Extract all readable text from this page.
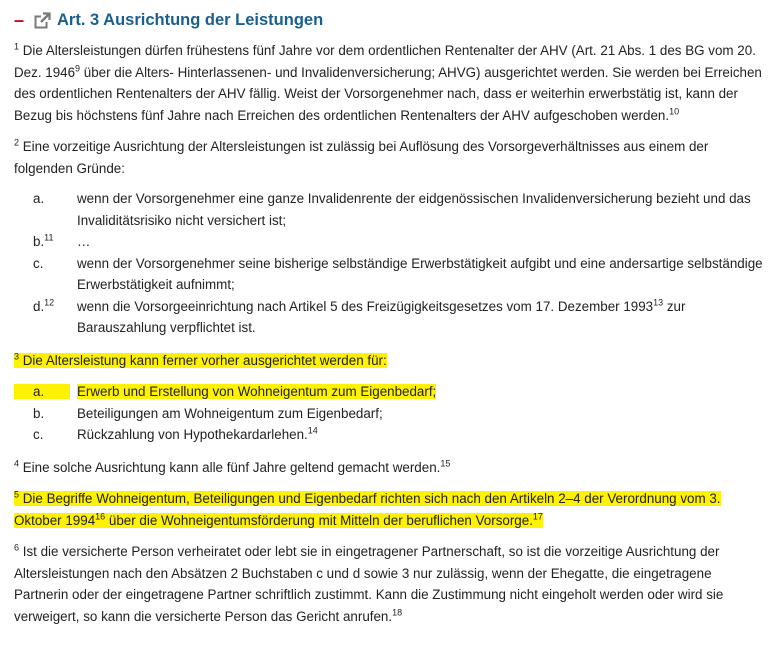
– Art. 3 Ausrichtung der Leistungen

$^1$ Die Altersleistungen dürfen frühestens fünf Jahre vor dem ordentlichen Rentenalter der AHV (Art. 21 Abs. 1 des BG vom 20. Dez. 1946$^9$ über die Alters- Hinterlassenen- und Invalidenversicherung; AHVG) ausgerichtet werden. Sie werden bei Erreichen des ordentlichen Rentenalters der AHV fällig. Weist der Vorsorgenehmer nach, dass er weiterhin erwerbstätig ist, kann der Bezug bis höchstens fünf Jahre nach Erreichen des ordentlichen Rentenalters der AHV aufgeschoben werden.$^{10}$

$^2$ Eine vorzeitige Ausrichtung der Altersleistungen ist zulässig bei Auflösung des Vorsorgeverhältnisses aus einem der folgenden Gründe:

a.	wenn der Vorsorgenehmer eine ganze Invalidenrente der eidgenössischen Invalidenversicherung bezieht und das Invaliditätsrisiko nicht versichert ist;
b.$^{11}$	…
c.	wenn der Vorsorgenehmer seine bisherige selbständige Erwerbstätigkeit aufgibt und eine andersartige selbständige Erwerbstätigkeit aufnimmt;
d.$^{12}$	wenn die Vorsorgeeinrichtung nach Artikel 5 des Freizügigkeitsgesetzes vom 17. Dezember 1993$^{13}$ zur Barauszahlung verpflichtet ist.

$^3$ Die Altersleistung kann ferner vorher ausgerichtet werden für:

a.	Erwerb und Erstellung von Wohneigentum zum Eigenbedarf;
b.	Beteiligungen am Wohneigentum zum Eigenbedarf;
c.	Rückzahlung von Hypothekardarlehen.$^{14}$

$^4$ Eine solche Ausrichtung kann alle fünf Jahre geltend gemacht werden.$^{15}$

$^5$ Die Begriffe Wohneigentum, Beteiligungen und Eigenbedarf richten sich nach den Artikeln 2–4 der Verordnung vom 3. Oktober 1994$^{16}$ über die Wohneigentumsförderung mit Mitteln der beruflichen Vorsorge.$^{17}$

$^6$ Ist die versicherte Person verheiratet oder lebt sie in eingetragener Partnerschaft, so ist die vorzeitige Ausrichtung der Altersleistungen nach den Absätzen 2 Buchstaben c und d sowie 3 nur zulässig, wenn der Ehegatte, die eingetragene Partnerin oder der eingetragene Partner schriftlich zustimmt. Kann die Zustimmung nicht eingeholt werden oder wird sie verweigert, so kann die versicherte Person das Gericht anrufen.$^{18}$
